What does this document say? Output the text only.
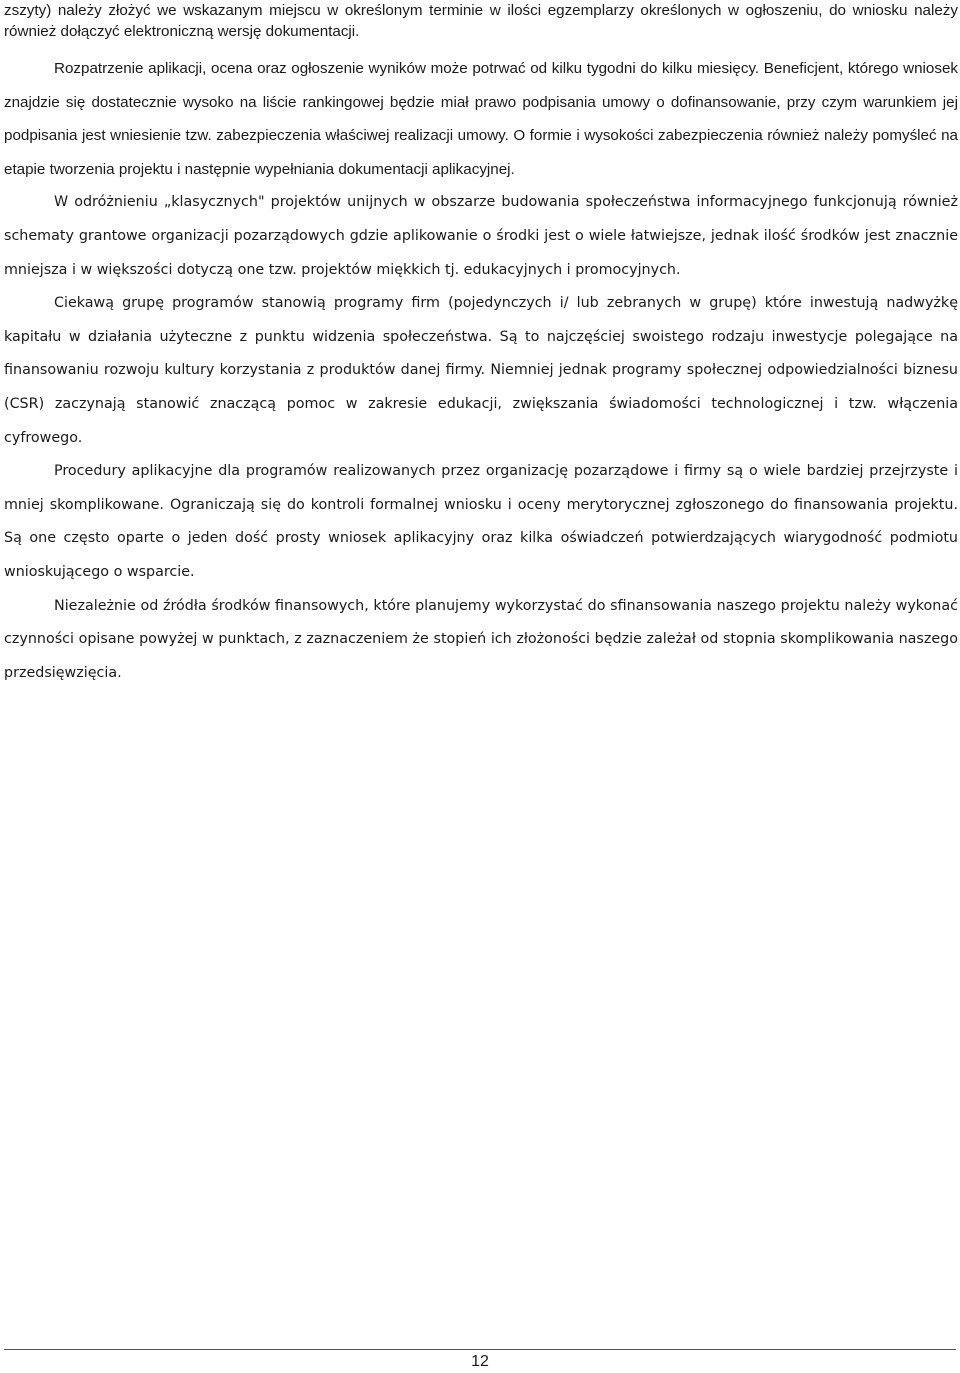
zszyty) należy złożyć we wskazanym miejscu w określonym terminie w ilości egzemplarzy określonych w ogłoszeniu, do wniosku należy również dołączyć elektroniczną wersję dokumentacji.

Rozpatrzenie aplikacji, ocena oraz ogłoszenie wyników może potrwać od kilku tygodni do kilku miesięcy. Beneficjent, którego wniosek znajdzie się dostatecznie wysoko na liście rankingowej będzie miał prawo podpisania umowy o dofinansowanie, przy czym warunkiem jej podpisania jest wniesienie tzw. zabezpieczenia właściwej realizacji umowy. O formie i wysokości zabezpieczenia również należy pomyśleć na etapie tworzenia projektu i następnie wypełniania dokumentacji aplikacyjnej.

W odróżnieniu „klasycznych" projektów unijnych w obszarze budowania społeczeństwa informacyjnego funkcjonują również schematy grantowe organizacji pozarządowych gdzie aplikowanie o środki jest o wiele łatwiejsze, jednak ilość środków jest znacznie mniejsza i w większości dotyczą one tzw. projektów miękkich tj. edukacyjnych i promocyjnych.

Ciekawą grupę programów stanowią programy firm (pojedynczych i/ lub zebranych w grupę) które inwestują nadwyżkę kapitału w działania użyteczne z punktu widzenia społeczeństwa. Są to najczęściej swoistego rodzaju inwestycje polegające na finansowaniu rozwoju kultury korzystania z produktów danej firmy. Niemniej jednak programy społecznej odpowiedzialności biznesu (CSR) zaczynają stanowić znaczącą pomoc w zakresie edukacji, zwiększania świadomości technologicznej i tzw. włączenia cyfrowego.

Procedury aplikacyjne dla programów realizowanych przez organizację pozarządowe i firmy są o wiele bardziej przejrzyste i mniej skomplikowane. Ograniczają się do kontroli formalnej wniosku i oceny merytorycznej zgłoszonego do finansowania projektu. Są one często oparte o jeden dość prosty wniosek aplikacyjny oraz kilka oświadczeń potwierdzających wiarygodność podmiotu wnioskującego o wsparcie.

Niezależnie od źródła środków finansowych, które planujemy wykorzystać do sfinansowania naszego projektu należy wykonać czynności opisane powyżej w punktach, z zaznaczeniem że stopień ich złożoności będzie zależał od stopnia skomplikowania naszego przedsięwzięcia.

12
